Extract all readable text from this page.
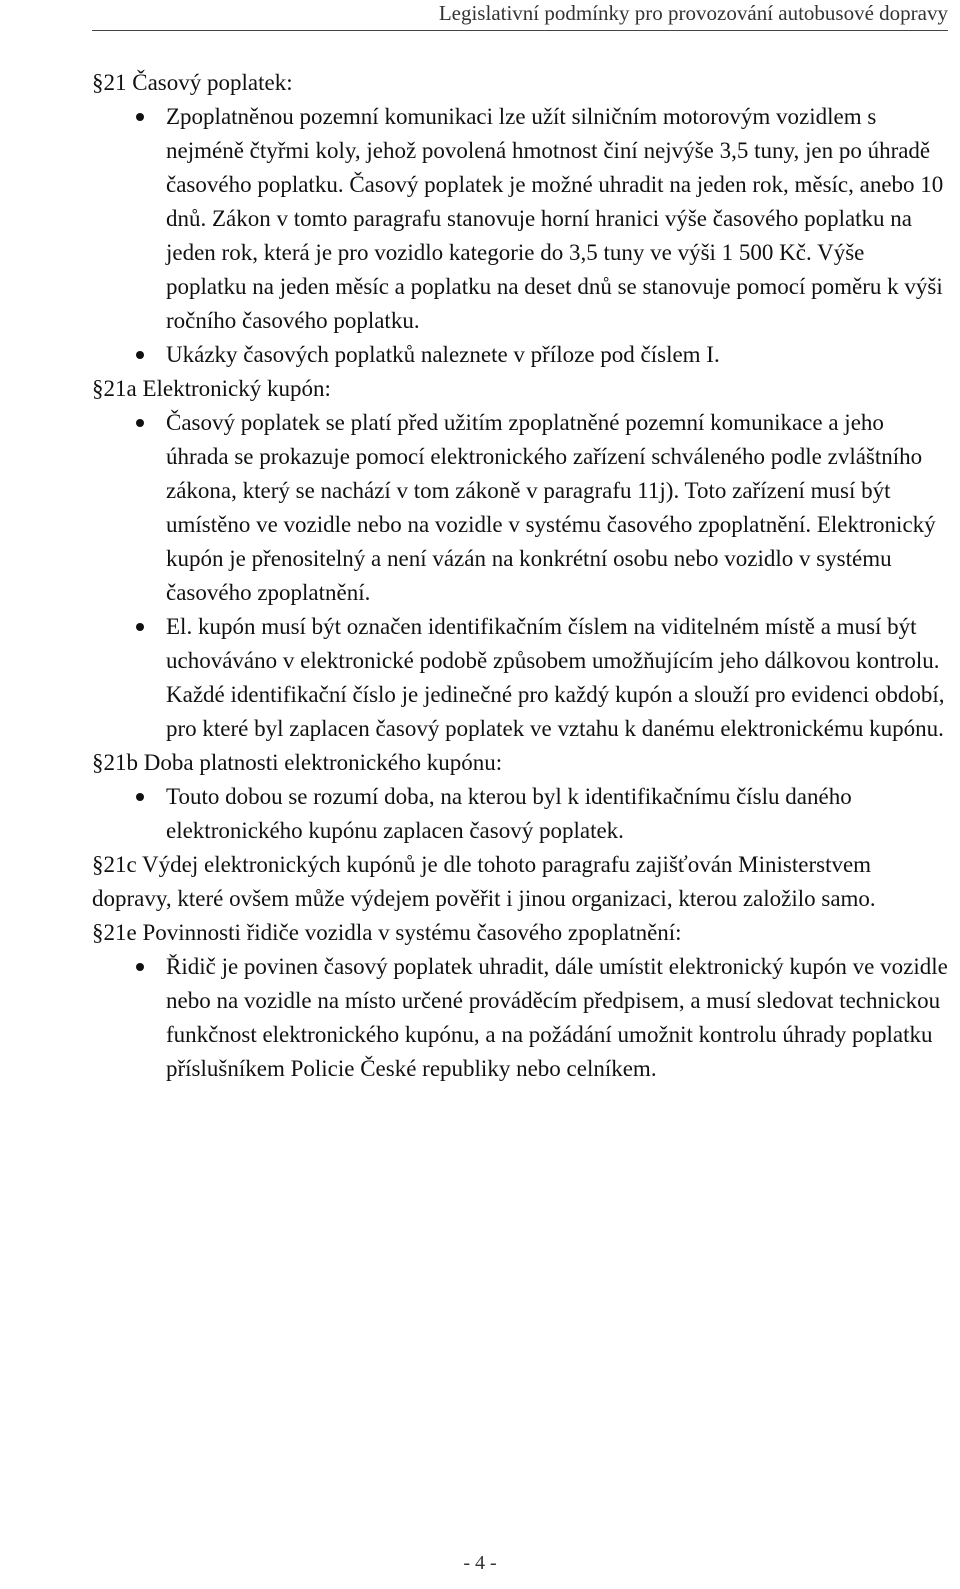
Legislativní podmínky pro provozování autobusové dopravy
§21 Časový poplatek:
Zpoplatněnou pozemní komunikaci lze užít silničním motorovým vozidlem s nejméně čtyřmi koly, jehož povolená hmotnost činí nejvýše 3,5 tuny, jen po úhradě časového poplatku. Časový poplatek je možné uhradit na jeden rok, měsíc, anebo 10 dnů. Zákon v tomto paragrafu stanovuje horní hranici výše časového poplatku na jeden rok, která je pro vozidlo kategorie do 3,5 tuny ve výši 1 500 Kč. Výše poplatku na jeden měsíc a poplatku na deset dnů se stanovuje pomocí poměru k výši ročního časového poplatku.
Ukázky časových poplatků naleznete v příloze pod číslem I.
§21a Elektronický kupón:
Časový poplatek se platí před užitím zpoplatněné pozemní komunikace a jeho úhrada se prokazuje pomocí elektronického zařízení schváleného podle zvláštního zákona, který se nachází v tom zákoně v paragrafu 11j). Toto zařízení musí být umístěno ve vozidle nebo na vozidle v systému časového zpoplatnění. Elektronický kupón je přenositelný a není vázán na konkrétní osobu nebo vozidlo v systému časového zpoplatnění.
El. kupón musí být označen identifikačním číslem na viditelném místě a musí být uchováváno v elektronické podobě způsobem umožňujícím jeho dálkovou kontrolu. Každé identifikační číslo je jedinečné pro každý kupón a slouží pro evidenci období, pro které byl zaplacen časový poplatek ve vztahu k danému elektronickému kupónu.
§21b Doba platnosti elektronického kupónu:
Touto dobou se rozumí doba, na kterou byl k identifikačnímu číslu daného elektronického kupónu zaplacen časový poplatek.

§21c Výdej elektronických kupónů je dle tohoto paragrafu zajišťován Ministerstvem dopravy, které ovšem může výdejem pověřit i jinou organizaci, kterou založilo samo.

§21e Povinnosti řidiče vozidla v systému časového zpoplatnění:
Řidič je povinen časový poplatek uhradit, dále umístit elektronický kupón ve vozidle nebo na vozidle na místo určené prováděcím předpisem, a musí sledovat technickou funkčnost elektronického kupónu, a na požádání umožnit kontrolu úhrady poplatku příslušníkem Policie České republiky nebo celníkem.
- 4 -
